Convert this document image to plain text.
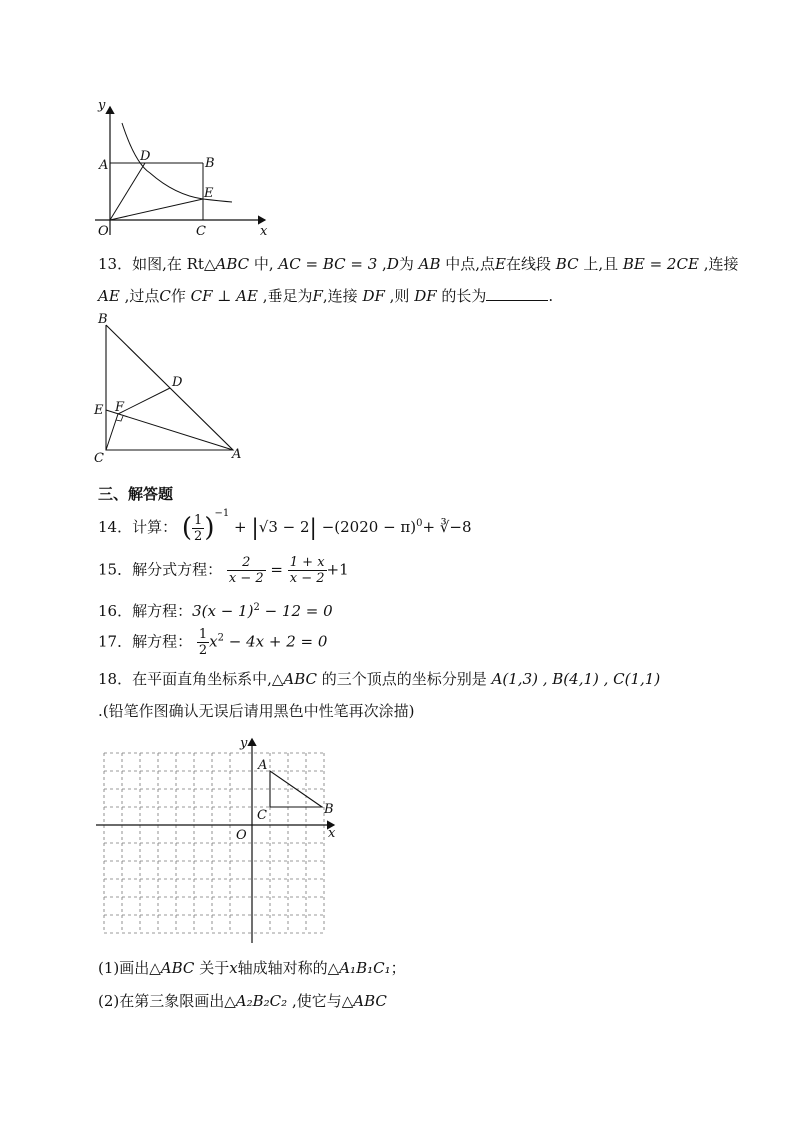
y
A
D	B
E
O	C	x
13．如图,在 Rt△ABC 中, AC = BC = 3 ,D为 AB 中点,点E在线段 BC 上,且 BE = 2CE ,连接
AE ,过点C作 CF ⊥ AE ,垂足为F,连接 DF ,则 DF 的长为	.
B
D
E F
C	A
三、解答题
14．计算： ( $\frac{1}{2} )^{-1} + |√3 - 2| -(2020 - \pi)^0+$ ∛−8
15．解分式方程： $\frac{2}{x - 2} = \frac{1 + x}{x - 2} +1$
16．解方程：$3(x - 1)^2 - 12 = 0$
17．解方程： $\frac{1}{2} x^2 - 4x + 2 = 0$
18．在平面直角坐标系中,△ABC 的三个顶点的坐标分别是 A(1,3) , B(4,1) , C(1,1)
.(铅笔作图确认无误后请用黑色中性笔再次涂描)
y
A
B
C
O	x
(1)画出△ABC 关于x轴成轴对称的△A₁B₁C₁；
(2)在第三象限画出△A₂B₂C₂ ,使它与△ABC
